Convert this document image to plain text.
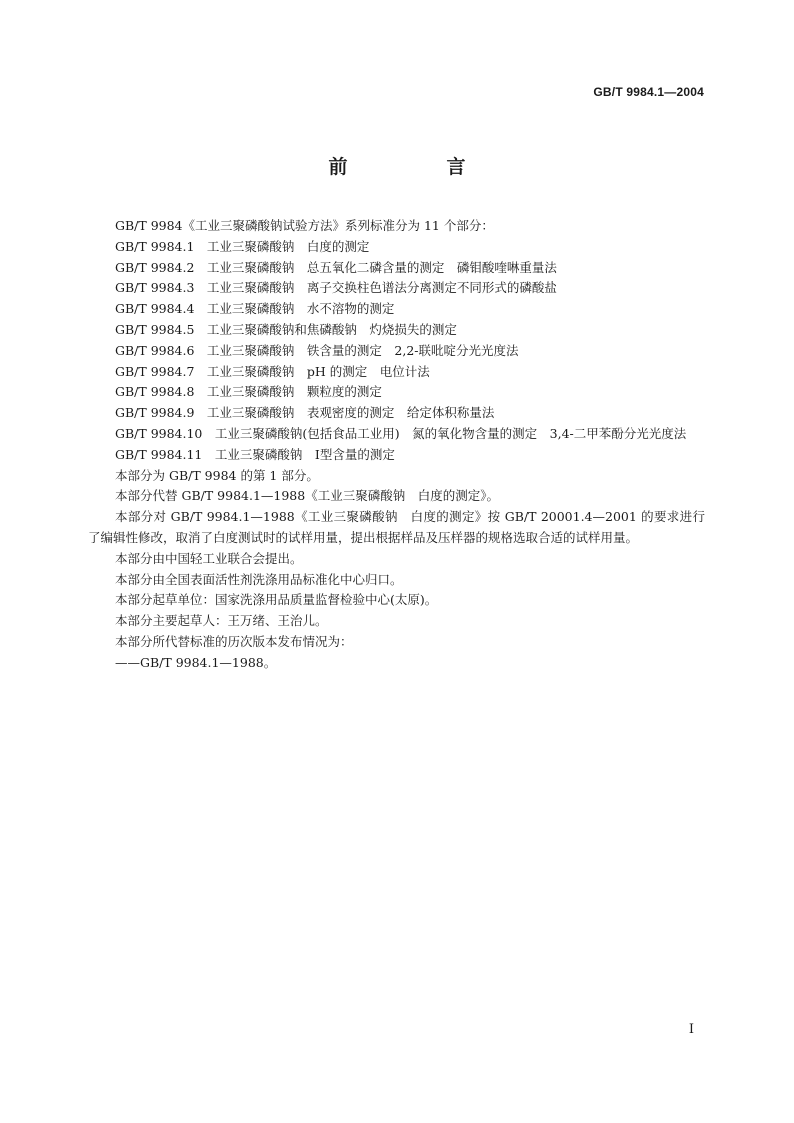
GB/T 9984.1—2004
前　言
GB/T 9984《工业三聚磷酸钠试验方法》系列标准分为 11 个部分：
GB/T 9984.1　工业三聚磷酸钠　白度的测定
GB/T 9984.2　工业三聚磷酸钠　总五氧化二磷含量的测定　磷钼酸喹啉重量法
GB/T 9984.3　工业三聚磷酸钠　离子交换柱色谱法分离测定不同形式的磷酸盐
GB/T 9984.4　工业三聚磷酸钠　水不溶物的测定
GB/T 9984.5　工业三聚磷酸钠和焦磷酸钠　灼烧损失的测定
GB/T 9984.6　工业三聚磷酸钠　铁含量的测定　2,2-联吡啶分光光度法
GB/T 9984.7　工业三聚磷酸钠　pH 的测定　电位计法
GB/T 9984.8　工业三聚磷酸钠　颗粒度的测定
GB/T 9984.9　工业三聚磷酸钠　表观密度的测定　给定体积称量法
GB/T 9984.10　工业三聚磷酸钠(包括食品工业用)　氮的氧化物含量的测定　3,4-二甲苯酚分光光度法
GB/T 9984.11　工业三聚磷酸钠　Ⅰ型含量的测定
本部分为 GB/T 9984 的第 1 部分。
本部分代替 GB/T 9984.1—1988《工业三聚磷酸钠　白度的测定》。
本部分对 GB/T 9984.1—1988《工业三聚磷酸钠　白度的测定》按 GB/T 20001.4—2001 的要求进行了编辑性修改，取消了白度测试时的试样用量，提出根据样品及压样器的规格选取合适的试样用量。
本部分由中国轻工业联合会提出。
本部分由全国表面活性剂洗涤用品标准化中心归口。
本部分起草单位：国家洗涤用品质量监督检验中心(太原)。
本部分主要起草人：王万绪、王治儿。
本部分所代替标准的历次版本发布情况为：
——GB/T 9984.1—1988。
I
